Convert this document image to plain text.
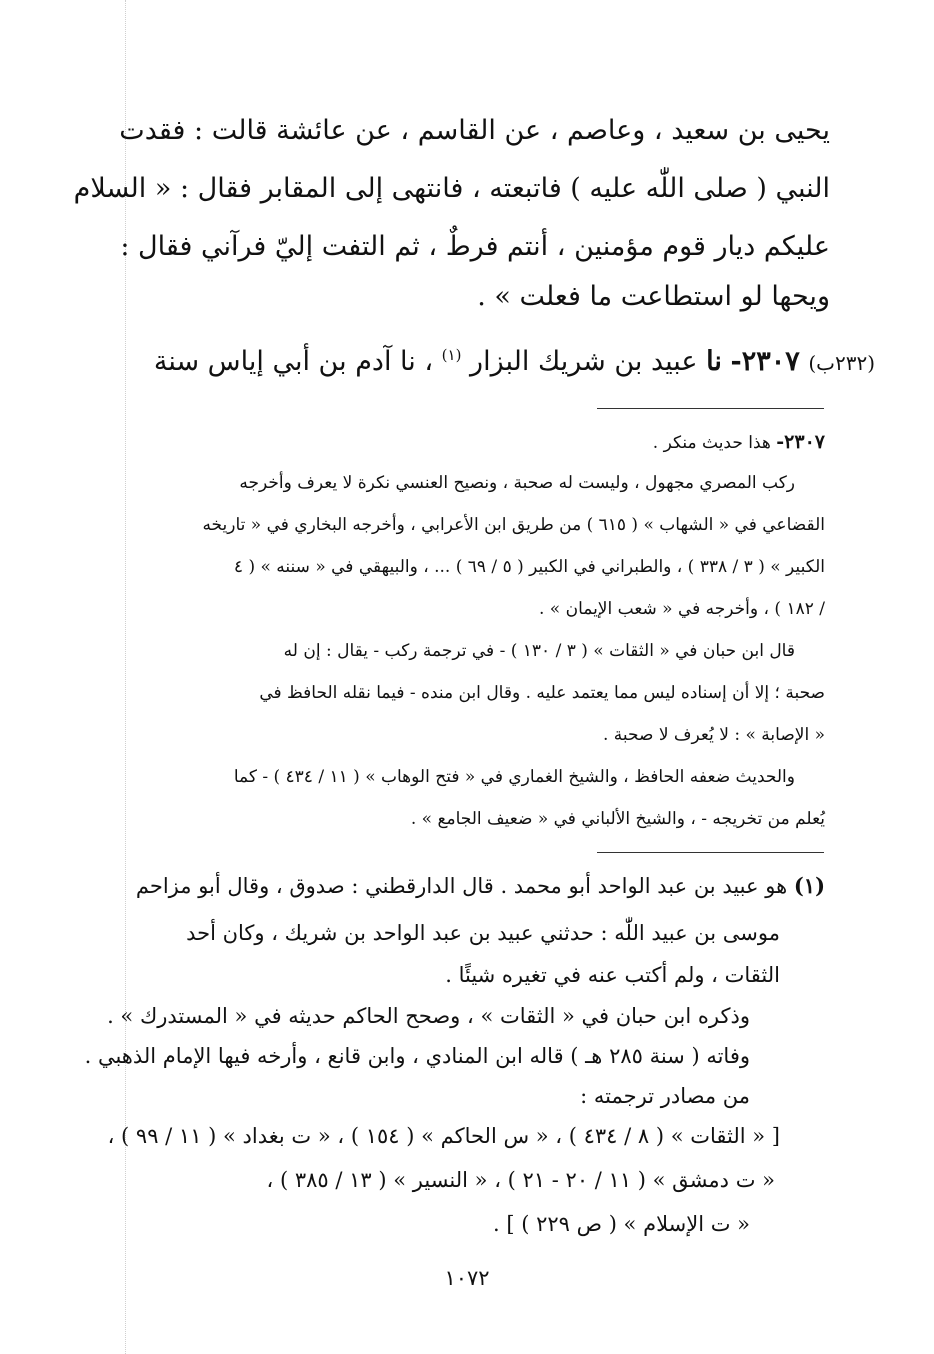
يحيى بن سعيد ، وعاصم ، عن القاسم ، عن عائشة قالت : فقدت
النبي ( صلى اللّٰه عليه ) فاتبعته ، فانتهى إلى المقابر فقال : « السلام
عليكم ديار قوم مؤمنين ، أنتم فرطٌ ، ثم التفت إليّ فرآني فقال :
ويحها لو استطاعت ما فعلت » .
(٢٣٢ب) ٢٣٠٧- نا عبيد بن شريك البزار $^{(١)}$ ، نا آدم بن أبي إياس سنة
٢٣٠٧- هذا حديث منكر .
ركب المصري مجهول ، وليست له صحبة ، ونصيح العنسي نكرة لا يعرف وأخرجه
القضاعي في « الشهاب » ( ٦١٥ ) من طريق ابن الأعرابي ، وأخرجه البخاري في « تاريخه
الكبير » ( ٣ / ٣٣٨ ) ، والطبراني في الكبير ( ٥ / ٦٩ ) ... ، والبيهقي في « سننه » ( ٤
/ ١٨٢ ) ، وأخرجه في « شعب الإيمان » .
قال ابن حبان في « الثقات » ( ٣ / ١٣٠ ) - في ترجمة ركب - يقال : إن له
صحبة ؛ إلا أن إسناده ليس مما يعتمد عليه . وقال ابن منده - فيما نقله الحافظ في
« الإصابة » : لا يُعرف لا صحبة .
والحديث ضعفه الحافظ ، والشيخ الغماري في « فتح الوهاب » ( ١١ / ٤٣٤ ) - كما
يُعلم من تخريجه - ، والشيخ الألباني في « ضعيف الجامع » .
(١) هو عبيد بن عبد الواحد أبو محمد . قال الدارقطني : صدوق ، وقال أبو مزاحم
موسى بن عبيد اللّٰه : حدثني عبيد بن عبد الواحد بن شريك ، وكان أحد
الثقات ، ولم أكتب عنه في تغيره شيئًا .
وذكره ابن حبان في « الثقات » ، وصحح الحاكم حديثه في « المستدرك » .
وفاته ( سنة ٢٨٥ هـ ) قاله ابن المنادي ، وابن قانع ، وأرخه فيها الإمام الذهبي .
من مصادر ترجمته :
[ « الثقات » ( ٨ / ٤٣٤ ) ، « س الحاكم » ( ١٥٤ ) ، « ت بغداد » ( ١١ / ٩٩ ) ،
« ت دمشق » ( ١١ / ٢٠ - ٢١ ) ، « النسير » ( ١٣ / ٣٨٥ ) ،
« ت الإسلام » ( ص ٢٢٩ ) ] .
١٠٧٢
